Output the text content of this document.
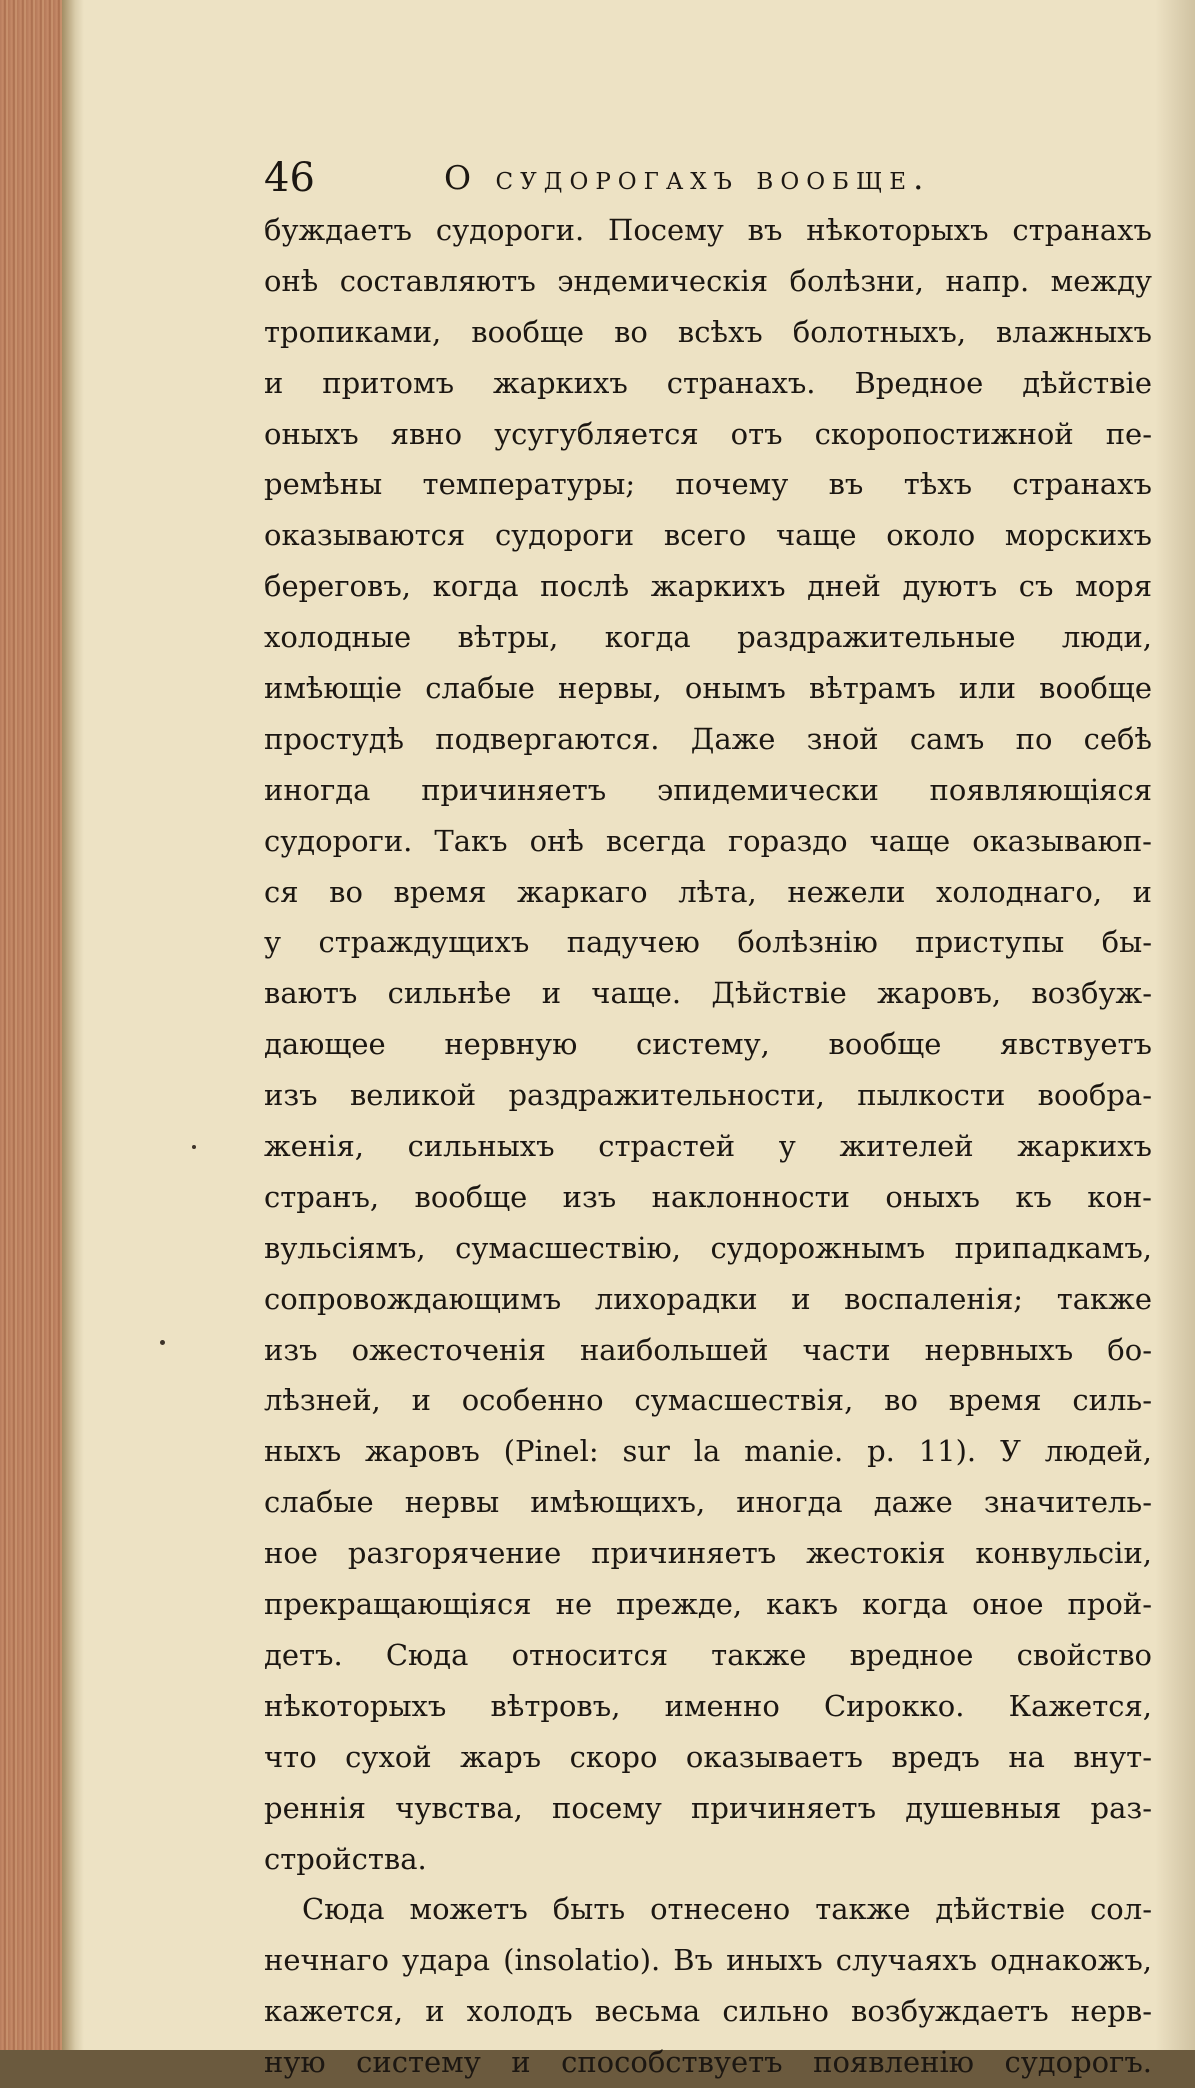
46	О судорогахъ вообще.
буждаетъ судороги. Посему въ нѣкоторыхъ странахъ
онѣ составляютъ эндемическія болѣзни, напр. между
тропиками, вообще во всѣхъ болотныхъ, влажныхъ
и притомъ жаркихъ странахъ. Вредное дѣйствіе
оныхъ явно усугубляется отъ скоропостижной пе-
ремѣны температуры; почему въ тѣхъ странахъ
оказываются судороги всего чаще около морскихъ
береговъ, когда послѣ жаркихъ дней дуютъ съ моря
холодные вѣтры, когда раздражительные люди,
имѣющіе слабые нервы, онымъ вѣтрамъ или вообще
простудѣ подвергаются. Даже зной самъ по себѣ
иногда причиняетъ эпидемически появляющіяся
судороги. Такъ онѣ всегда гораздо чаще оказываюп-
ся во время жаркаго лѣта, нежели холоднаго, и
у страждущихъ падучею болѣзнію приступы бы-
ваютъ сильнѣе и чаще. Дѣйствіе жаровъ, возбуж-
дающее нервную систему, вообще явствуетъ
изъ великой раздражительности, пылкости вообра-
женія, сильныхъ страстей у жителей жаркихъ
странъ, вообще изъ наклонности оныхъ къ кон-
вульсіямъ, сумасшествію, судорожнымъ припадкамъ,
сопровождающимъ лихорадки и воспаленія; также
изъ ожесточенія наибольшей части нервныхъ бо-
лѣзней, и особенно сумасшествія, во время силь-
ныхъ жаровъ (Pinel: sur la manie. p. 11). У людей,
слабые нервы имѣющихъ, иногда даже значитель-
ное разгорячение причиняетъ жестокія конвульсіи,
прекращающіяся не прежде, какъ когда оное прой-
детъ. Сюда относится также вредное свойство
нѣкоторыхъ вѣтровъ, именно Сирокко. Кажется,
что сухой жаръ скоро оказываетъ вредъ на внут-
реннія чувства, посему причиняетъ душевныя раз-
стройства.
Сюда можетъ быть отнесено также дѣйствіе сол-
нечнаго удара (insolatio). Въ иныхъ случаяхъ однакожъ,
кажется, и холодъ весьма сильно возбуждаетъ нерв-
ную систему и способствуетъ появленію судорогъ.
